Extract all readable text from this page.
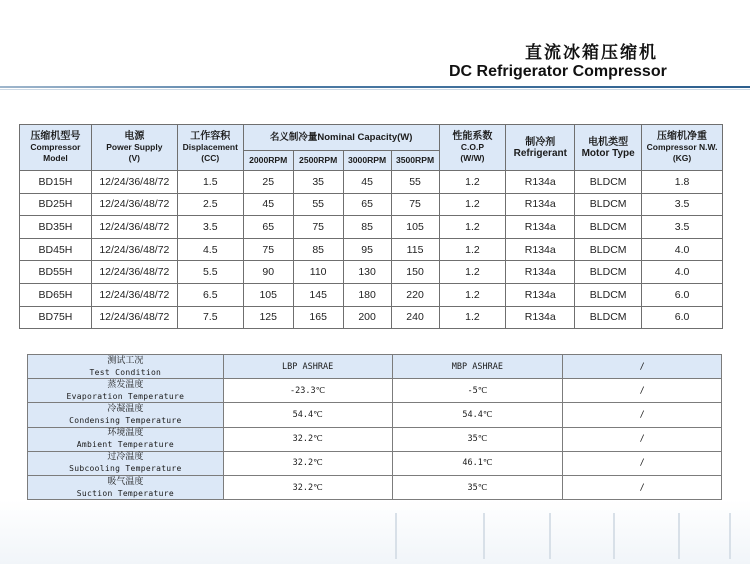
直流冰箱压缩机
DC Refrigerator Compressor
压缩机型号
Compressor
Model	电源
Power Supply
(V)	工作容积
Displacement
(CC)	名义制冷量Nominal Capacity(W)				性能系数
C.O.P
(W/W)	制冷剂
Refrigerant	电机类型
Motor Type	压缩机净重
Compressor N.W.
(KG)

			2000RPM	2500RPM	3000RPM	3500RPM				
BD15H	12/24/36/48/72	1.5	25	35	45	55	1.2	R134a	BLDCM	1.8
BD25H	12/24/36/48/72	2.5	45	55	65	75	1.2	R134a	BLDCM	3.5
BD35H	12/24/36/48/72	3.5	65	75	85	105	1.2	R134a	BLDCM	3.5
BD45H	12/24/36/48/72	4.5	75	85	95	115	1.2	R134a	BLDCM	4.0
BD55H	12/24/36/48/72	5.5	90	110	130	150	1.2	R134a	BLDCM	4.0
BD65H	12/24/36/48/72	6.5	105	145	180	220	1.2	R134a	BLDCM	6.0
BD75H	12/24/36/48/72	7.5	125	165	200	240	1.2	R134a	BLDCM	6.0
测试工况
Test Condition	LBP ASHRAE	MBP ASHRAE	/

蒸发温度
Evaporation Temperature	-23.3℃	-5℃	/

冷凝温度
Condensing Temperature	54.4℃	54.4℃	/

环境温度
Ambient Temperature	32.2℃	35℃	/

过冷温度
Subcooling Temperature	32.2℃	46.1℃	/

吸气温度
Suction Temperature	32.2℃	35℃	/
